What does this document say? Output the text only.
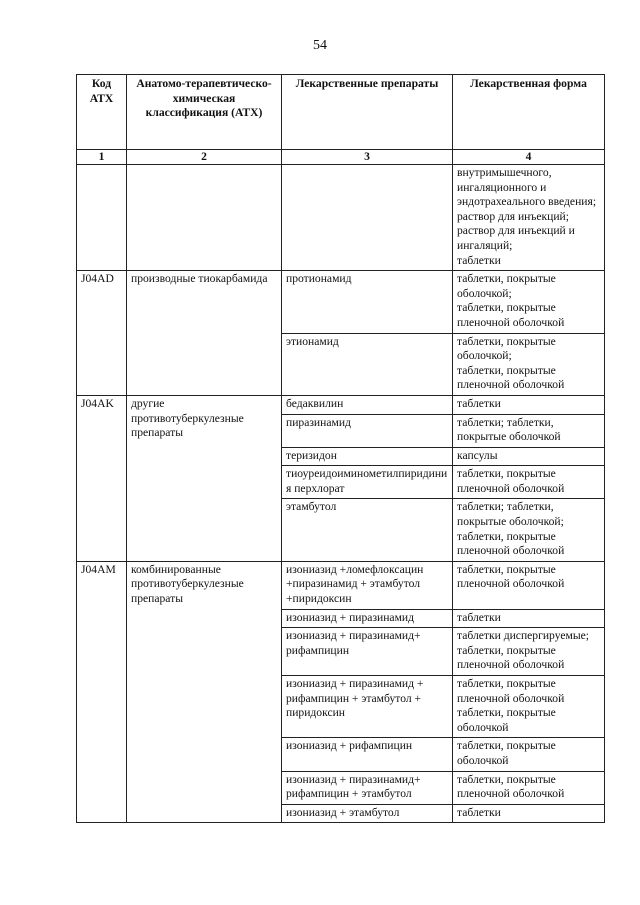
54
Код АТХ	Анатомо-терапевтическо-химическая классификация (АТХ)	Лекарственные препараты	Лекарственная форма
1	2	3	4

			внутримышечного, ингаляционного и эндотрахеального введения;
раствор для инъекций;
раствор для инъекций и ингаляций;
таблетки

J04AD	производные тиокарбамида	протионамид	таблетки, покрытые оболочкой;
таблетки, покрытые пленочной оболочкой

		этионамид	таблетки, покрытые оболочкой;
таблетки, покрытые пленочной оболочкой

J04AK	другие противотуберкулезные препараты	бедаквилин	таблетки

		пиразинамид	таблетки; таблетки, покрытые оболочкой

		теризидон	капсулы

		тиоуреидоиминометилпиридиния перхлорат	таблетки, покрытые пленочной оболочкой

		этамбутол	таблетки; таблетки, покрытые оболочкой;
таблетки, покрытые пленочной оболочкой

J04AM	комбинированные противотуберкулезные препараты	изониазид +ломефлоксацин +пиразинамид + этамбутол +пиридоксин	таблетки, покрытые пленочной оболочкой

		изониазид + пиразинамид	таблетки

		изониазид + пиразинамид+ рифампицин	таблетки диспергируемые;
таблетки, покрытые пленочной оболочкой

		изониазид + пиразинамид + рифампицин + этамбутол + пиридоксин	таблетки, покрытые пленочной оболочкой
таблетки, покрытые оболочкой

		изониазид + рифампицин	таблетки, покрытые оболочкой

		изониазид + пиразинамид+ рифампицин + этамбутол	таблетки, покрытые пленочной оболочкой

		изониазид + этамбутол	таблетки
